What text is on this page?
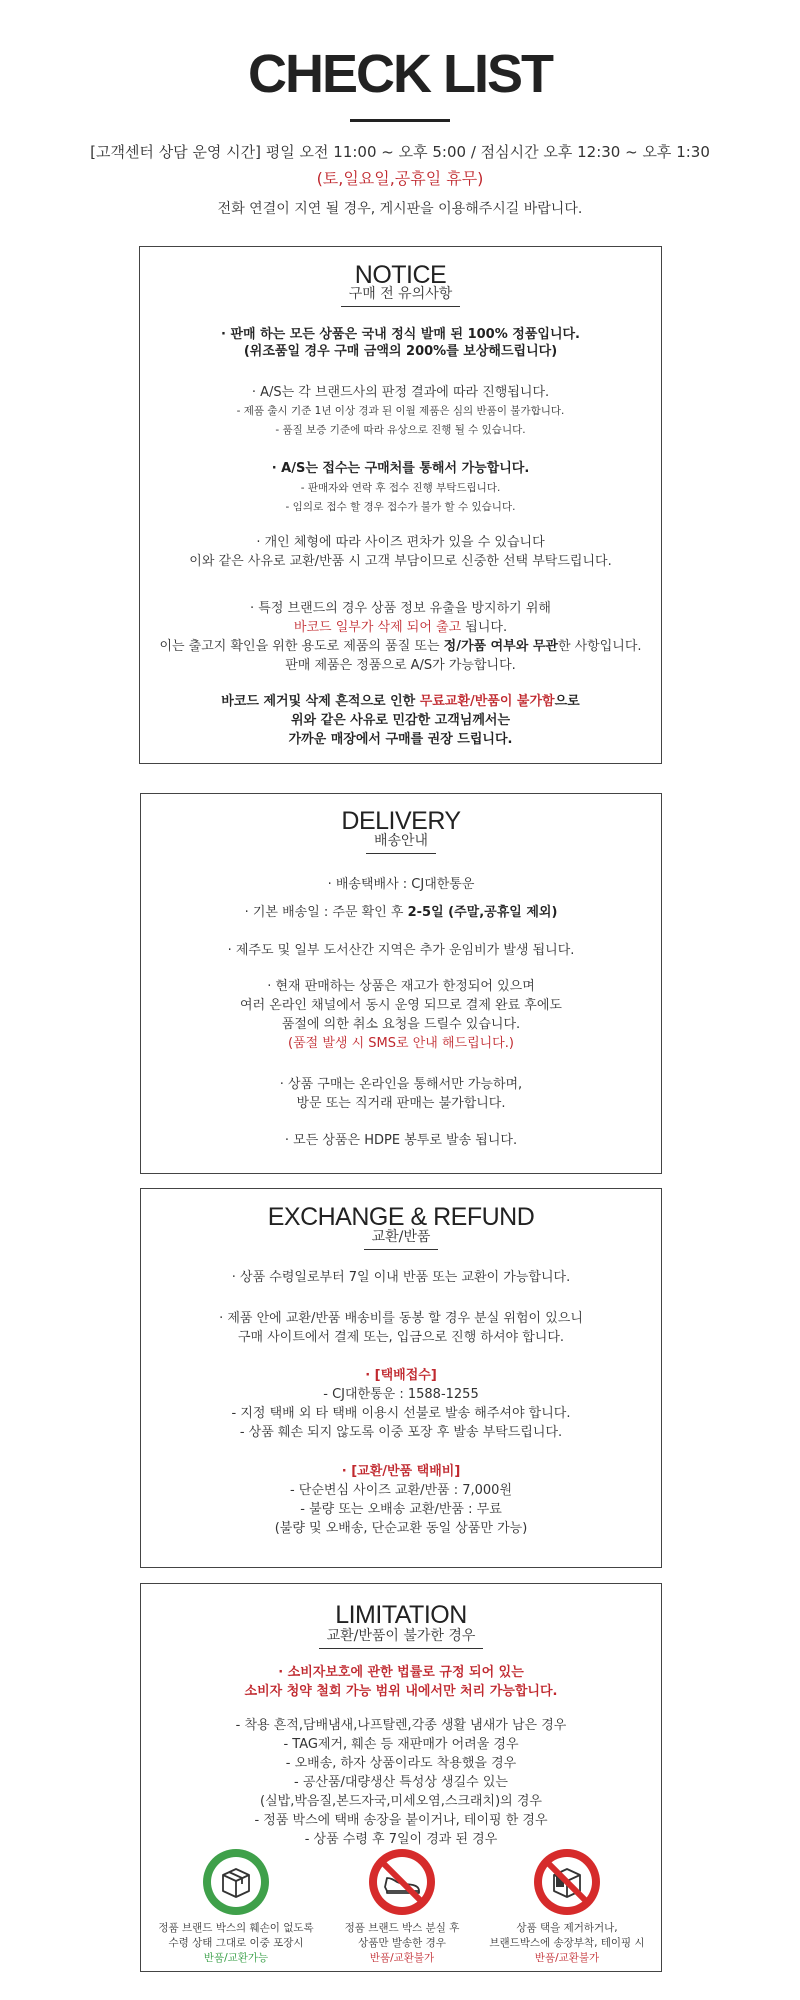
CHECK LIST
[고객센터 상담 운영 시간] 평일 오전 11:00 ~ 오후 5:00 / 점심시간 오후 12:30 ~ 오후 1:30
(토,일요일,공휴일 휴무)
전화 연결이 지연 될 경우, 게시판을 이용해주시길 바랍니다.
NOTICE
구매 전 유의사항
· 판매 하는 모든 상품은 국내 정식 발매 된 100% 정품입니다.
(위조품일 경우 구매 금액의 200%를 보상해드립니다)
· A/S는 각 브랜드사의 판정 결과에 따라 진행됩니다.
- 제품 출시 기준 1년 이상 경과 된 이월 제품은 심의 반품이 불가합니다.
- 품질 보증 기준에 따라 유상으로 진행 될 수 있습니다.
· A/S는 접수는 구매처를 통해서 가능합니다.
- 판매자와 연락 후 접수 진행 부탁드립니다.
- 임의로 접수 할 경우 접수가 불가 할 수 있습니다.
· 개인 체형에 따라 사이즈 편차가 있을 수 있습니다
이와 같은 사유로 교환/반품 시 고객 부담이므로 신중한 선택 부탁드립니다.
· 특정 브랜드의 경우 상품 정보 유출을 방지하기 위해
바코드 일부가 삭제 되어 출고 됩니다.
이는 출고지 확인을 위한 용도로 제품의 품질 또는 정/가품 여부와 무관한 사항입니다.
판매 제품은 정품으로 A/S가 가능합니다.
바코드 제거및 삭제 흔적으로 인한 무료교환/반품이 불가함으로
위와 같은 사유로 민감한 고객님께서는
가까운 매장에서 구매를 권장 드립니다.
DELIVERY
배송안내
· 배송택배사 : CJ대한통운
· 기본 배송일 : 주문 확인 후 2-5일 (주말,공휴일 제외)
· 제주도 및 일부 도서산간 지역은 추가 운임비가 발생 됩니다.
· 현재 판매하는 상품은 재고가 한정되어 있으며
여러 온라인 채널에서 동시 운영 되므로 결제 완료 후에도
품절에 의한 취소 요청을 드릴수 있습니다.
(품절 발생 시 SMS로 안내 해드립니다.)
· 상품 구매는 온라인을 통해서만 가능하며,
방문 또는 직거래 판매는 불가합니다.
· 모든 상품은 HDPE 봉투로 발송 됩니다.
EXCHANGE & REFUND
교환/반품
· 상품 수령일로부터 7일 이내 반품 또는 교환이 가능합니다.
· 제품 안에 교환/반품 배송비를 동봉 할 경우 분실 위험이 있으니
구매 사이트에서 결제 또는, 입금으로 진행 하셔야 합니다.
· [택배접수]
- CJ대한통운 : 1588-1255
- 지정 택배 외 타 택배 이용시 선불로 발송 해주셔야 합니다.
- 상품 훼손 되지 않도록 이중 포장 후 발송 부탁드립니다.
· [교환/반품 택배비]
- 단순변심 사이즈 교환/반품 : 7,000원
- 불량 또는 오배송 교환/반품 : 무료
(불량 및 오배송, 단순교환 동일 상품만 가능)
LIMITATION
교환/반품이 불가한 경우
· 소비자보호에 관한 법률로 규정 되어 있는
소비자 청약 철회 가능 범위 내에서만 처리 가능합니다.
- 착용 흔적,담배냄새,나프탈렌,각종 생활 냄새가 남은 경우
- TAG제거, 훼손 등 재판매가 어려울 경우
- 오배송, 하자 상품이라도 착용했을 경우
- 공산품/대량생산 특성상 생길수 있는
(실밥,박음질,본드자국,미세오염,스크래치)의 경우
- 정품 박스에 택배 송장을 붙이거나, 테이핑 한 경우
- 상품 수령 후 7일이 경과 된 경우
정품 브랜드 박스의 훼손이 없도록
수령 상태 그대로 이중 포장시
반품/교환가능
정품 브랜드 박스 분실 후
상품만 발송한 경우
반품/교환불가
상품 택을 제거하거나,
브랜드박스에 송장부착, 테이핑 시
반품/교환불가
